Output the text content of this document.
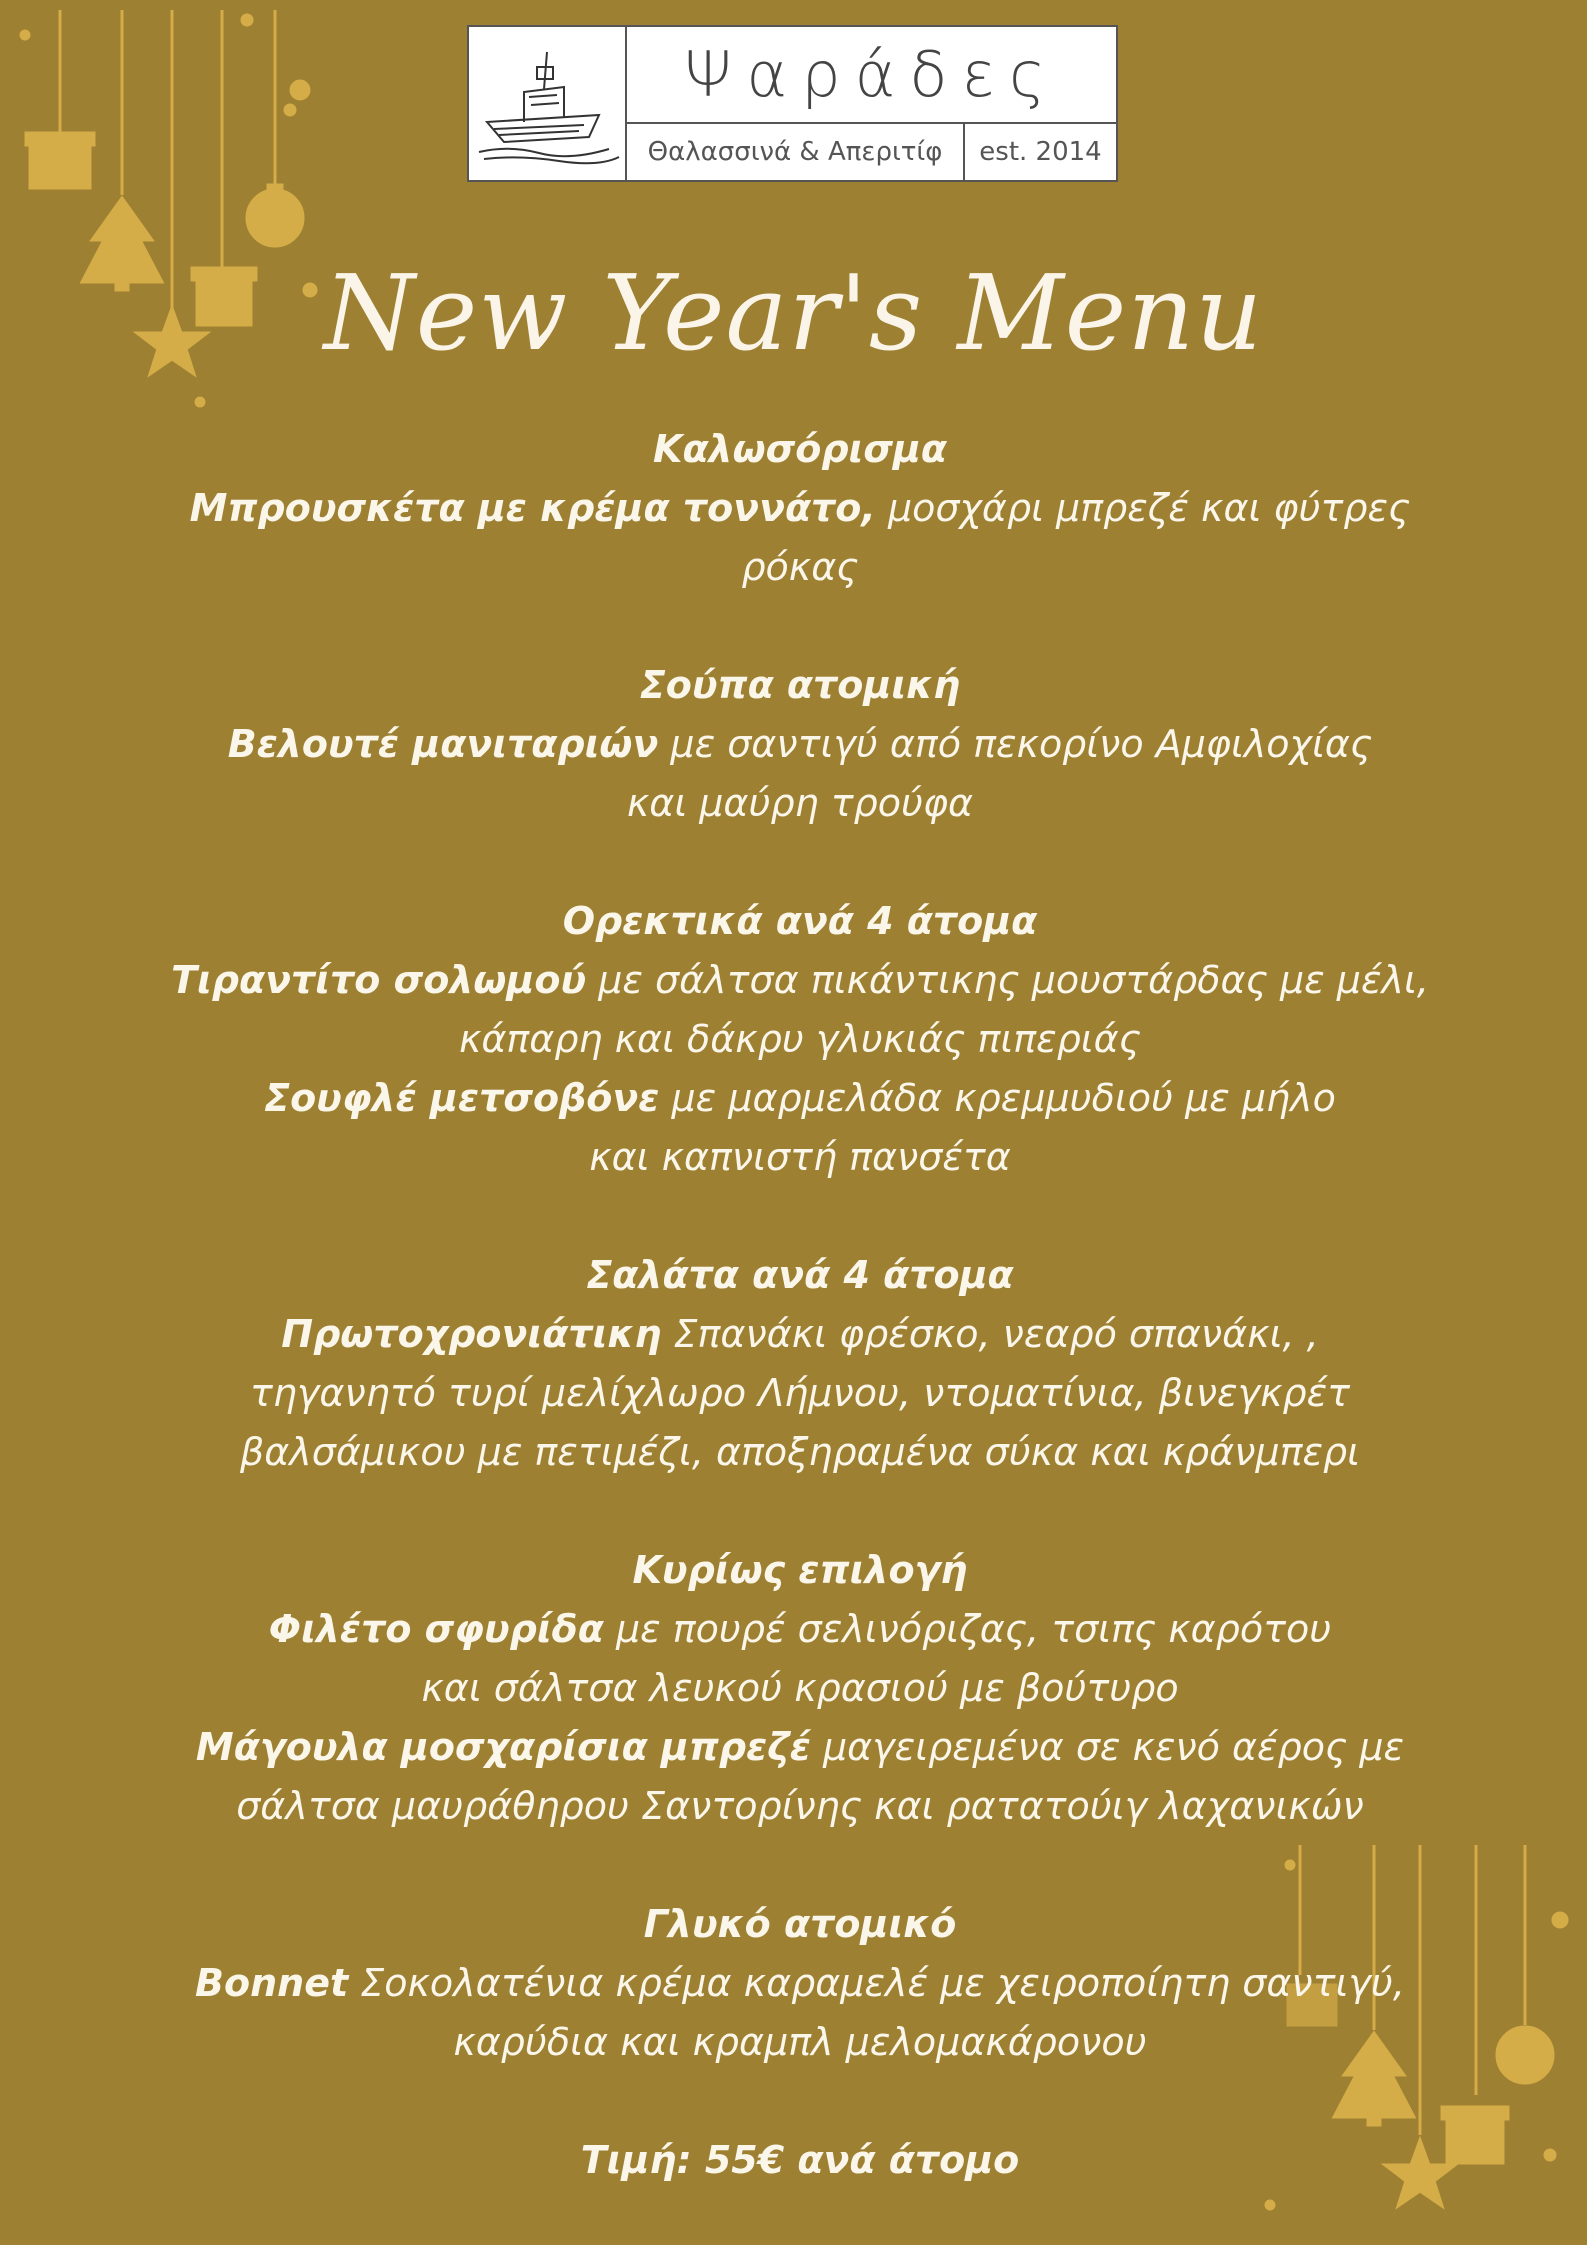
Ψαράδες
Θαλασσινά & Απεριτίφ	est. 2014
New Year's Menu
Καλωσόρισμα
Μπρουσκέτα με κρέμα τοννάτο, μοσχάρι μπρεζέ και φύτρες
ρόκας
Σούπα ατομική
Βελουτέ μανιταριών με σαντιγύ από πεκορίνο Αμφιλοχίας
και μαύρη τρούφα
Ορεκτικά ανά 4 άτομα
Τιραντίτο σολωμού με σάλτσα πικάντικης μουστάρδας με μέλι,
κάπαρη και δάκρυ γλυκιάς πιπεριάς
Σουφλέ μετσοβόνε με μαρμελάδα κρεμμυδιού με μήλο
και καπνιστή πανσέτα
Σαλάτα ανά 4 άτομα
Πρωτοχρονιάτικη Σπανάκι φρέσκο, νεαρό σπανάκι, ,
τηγανητό τυρί μελίχλωρο Λήμνου, ντοματίνια, βινεγκρέτ
βαλσάμικου με πετιμέζι, αποξηραμένα σύκα και κράνμπερι
Κυρίως επιλογή
Φιλέτο σφυρίδα με πουρέ σελινόριζας, τσιπς καρότου
και σάλτσα λευκού κρασιού με βούτυρο
Μάγουλα μοσχαρίσια μπρεζέ μαγειρεμένα σε κενό αέρος με
σάλτσα μαυράθηρου Σαντορίνης και ρατατούιγ λαχανικών
Γλυκό ατομικό
Bonnet Σοκολατένια κρέμα καραμελέ με χειροποίητη σαντιγύ,
καρύδια και κραμπλ μελομακάρονου
Τιμή: 55€ ανά άτομο
